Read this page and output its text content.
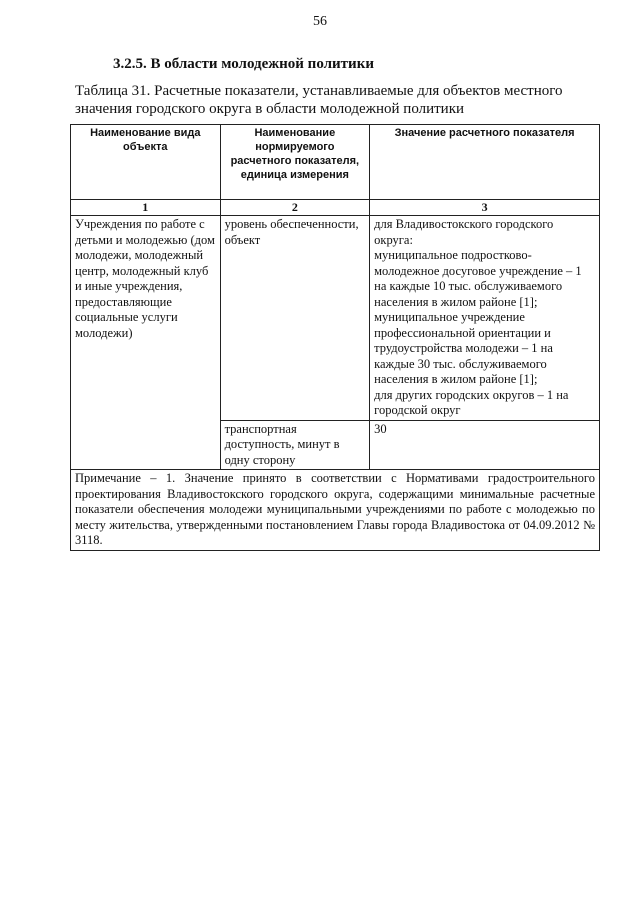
56
3.2.5. В области молодежной политики
Таблица 31. Расчетные показатели, устанавливаемые для объектов местного значения городского округа в области молодежной политики
Наименование вида объекта	Наименование нормируемого расчетного показателя, единица измерения	Значение расчетного показателя
1	2	3
Учреждения по работе с детьми и молодежью (дом молодежи, молодежный центр, молодежный клуб и иные учреждения, предоставляющие социальные услуги молодежи)	уровень обеспеченности, объект	для Владивостокского городского округа:
муниципальное подростково-молодежное досуговое учреждение – 1 на каждые 10 тыс. обслуживаемого населения в жилом районе [1];
муниципальное учреждение профессиональной ориентации и трудоустройства молодежи – 1 на каждые 30 тыс. обслуживаемого населения в жилом районе [1];
для других городских округов – 1 на городской округ
	транспортная доступность, минут в одну сторону	30
Примечание – 1. Значение принято в соответствии с Нормативами градостроительного проектирования Владивостокского городского округа, содержащими минимальные расчетные показатели обеспечения молодежи муниципальными учреждениями по работе с молодежью по месту жительства, утвержденными постановлением Главы города Владивостока от 04.09.2012 № 3118.		
